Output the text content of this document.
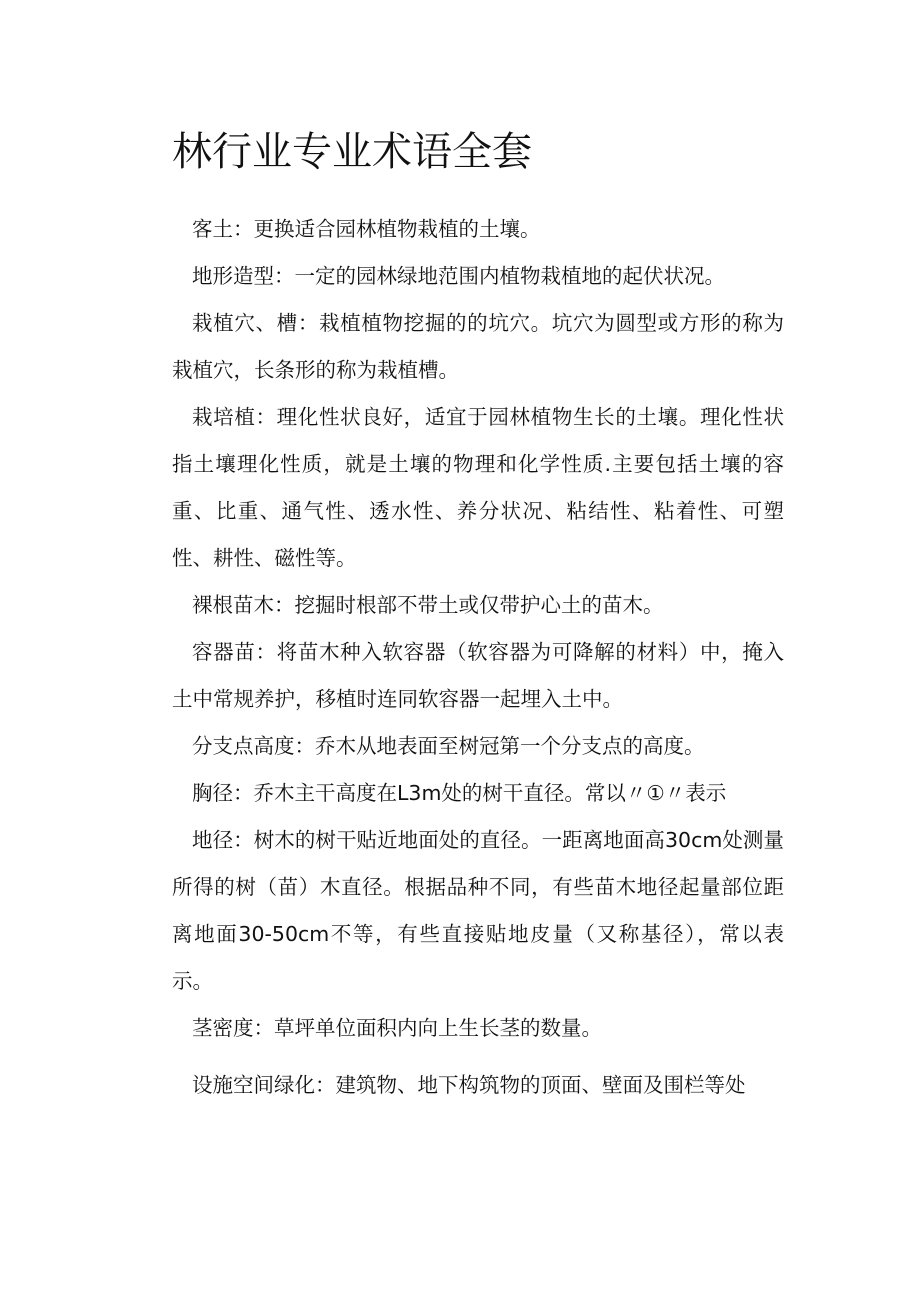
林行业专业术语全套

客土：更换适合园林植物栽植的土壤。

地形造型：一定的园林绿地范围内植物栽植地的起伏状况。

栽植穴、槽：栽植植物挖掘的的坑穴。坑穴为圆型或方形的称为栽植穴，长条形的称为栽植槽。

栽培植：理化性状良好，适宜于园林植物生长的土壤。理化性状指土壤理化性质，就是土壤的物理和化学性质.主要包括土壤的容重、比重、通气性、透水性、养分状况、粘结性、粘着性、可塑性、耕性、磁性等。

裸根苗木：挖掘时根部不带土或仅带护心土的苗木。

容器苗：将苗木种入软容器（软容器为可降解的材料）中，掩入土中常规养护，移植时连同软容器一起埋入土中。

分支点高度：乔木从地表面至树冠第一个分支点的高度。

胸径：乔木主干高度在L3m处的树干直径。常以〃①〃表示

地径：树木的树干贴近地面处的直径。一距离地面高30cm处测量所得的树（苗）木直径。根据品种不同，有些苗木地径起量部位距离地面30-50cm不等，有些直接贴地皮量（又称基径），常以表示。

茎密度：草坪单位面积内向上生长茎的数量。

设施空间绿化：建筑物、地下构筑物的顶面、壁面及围栏等处
